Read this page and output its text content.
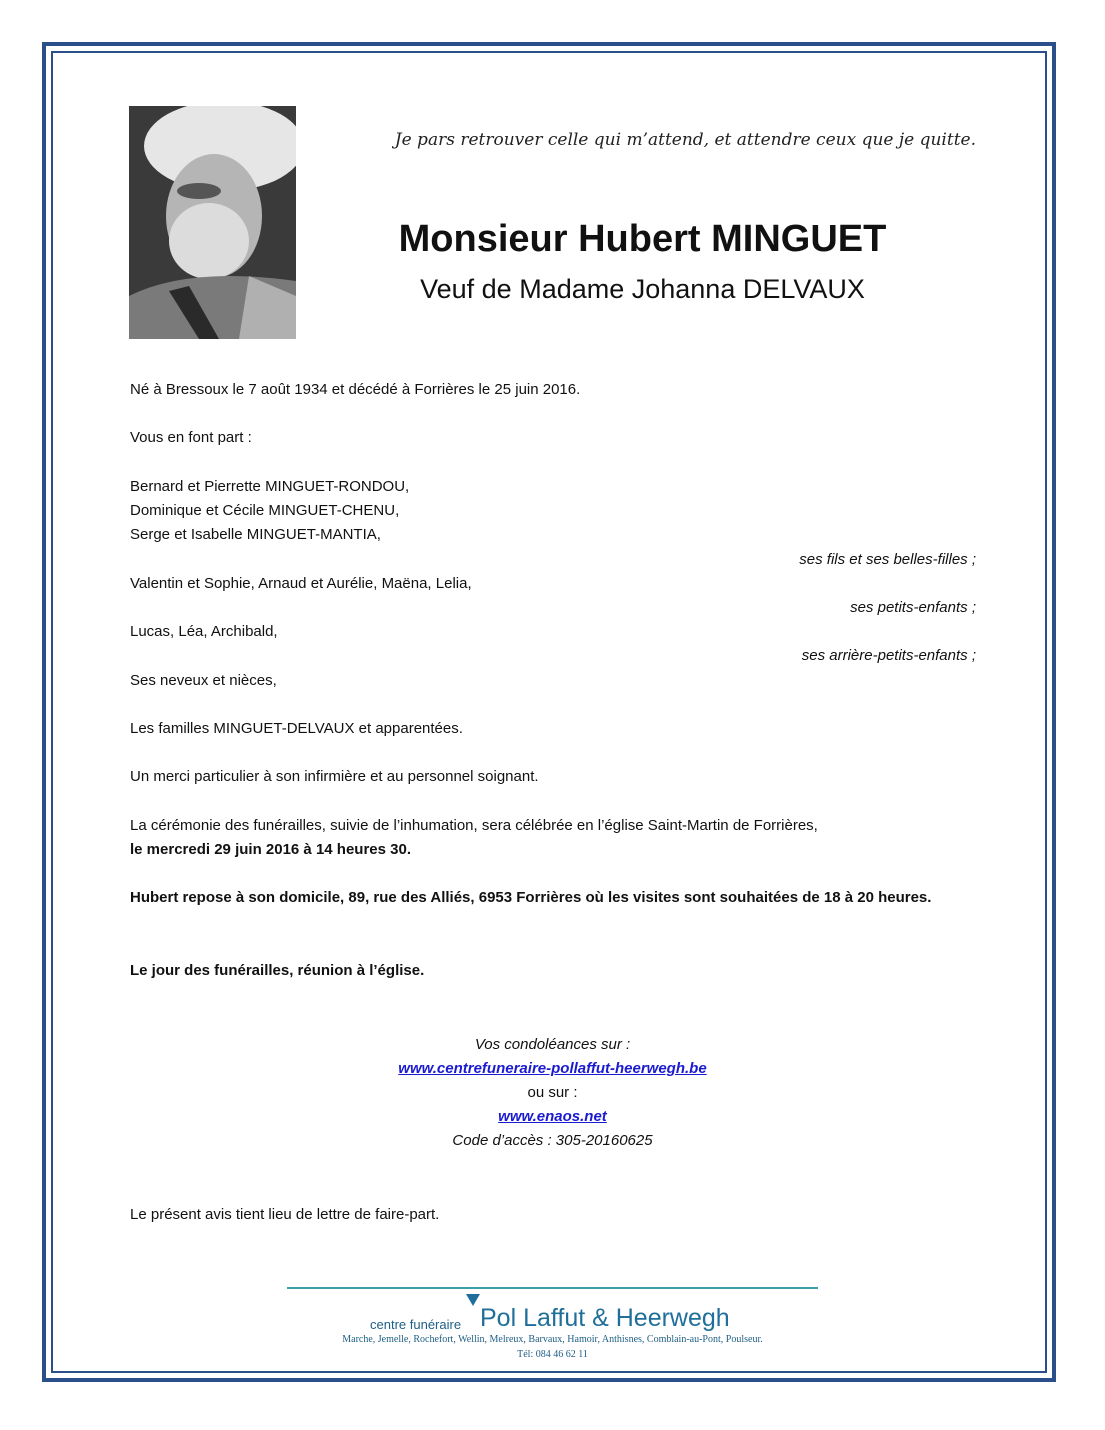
Je pars retrouver celle qui m’attend, et attendre ceux que je quitte.
Monsieur Hubert MINGUET
Veuf de Madame Johanna DELVAUX
Né à Bressoux le 7 août 1934 et décédé à Forrières le 25 juin 2016.
Vous en font part :
Bernard et Pierrette MINGUET-RONDOU,
Dominique et Cécile MINGUET-CHENU,
Serge et Isabelle MINGUET-MANTIA,
ses fils et ses belles-filles ;
Valentin et Sophie, Arnaud et Aurélie, Maëna, Lelia,
ses petits-enfants ;
Lucas, Léa, Archibald,
ses arrière-petits-enfants ;
Ses neveux et nièces,
Les familles MINGUET-DELVAUX et apparentées.
Un merci particulier à son infirmière et au personnel soignant.
La cérémonie des funérailles, suivie de l’inhumation, sera célébrée en l’église Saint-Martin de Forrières,
le mercredi 29 juin 2016 à 14 heures 30.
Hubert repose à son domicile, 89, rue des Alliés, 6953 Forrières où les visites sont souhaitées de 18 à 20 heures.
Le jour des funérailles, réunion à l’église.
Vos condoléances sur :
www.centrefuneraire-pollaffut-heerwegh.be
ou sur :
www.enaos.net
Code d’accès : 305-20160625
Le présent avis tient lieu de lettre de faire-part.
centre funéraire Pol Laffut & Heerwegh
Marche, Jemelle, Rochefort, Wellin, Melreux, Barvaux, Hamoir, Anthisnes, Comblain-au-Pont, Poulseur.
Tél: 084 46 62 11
